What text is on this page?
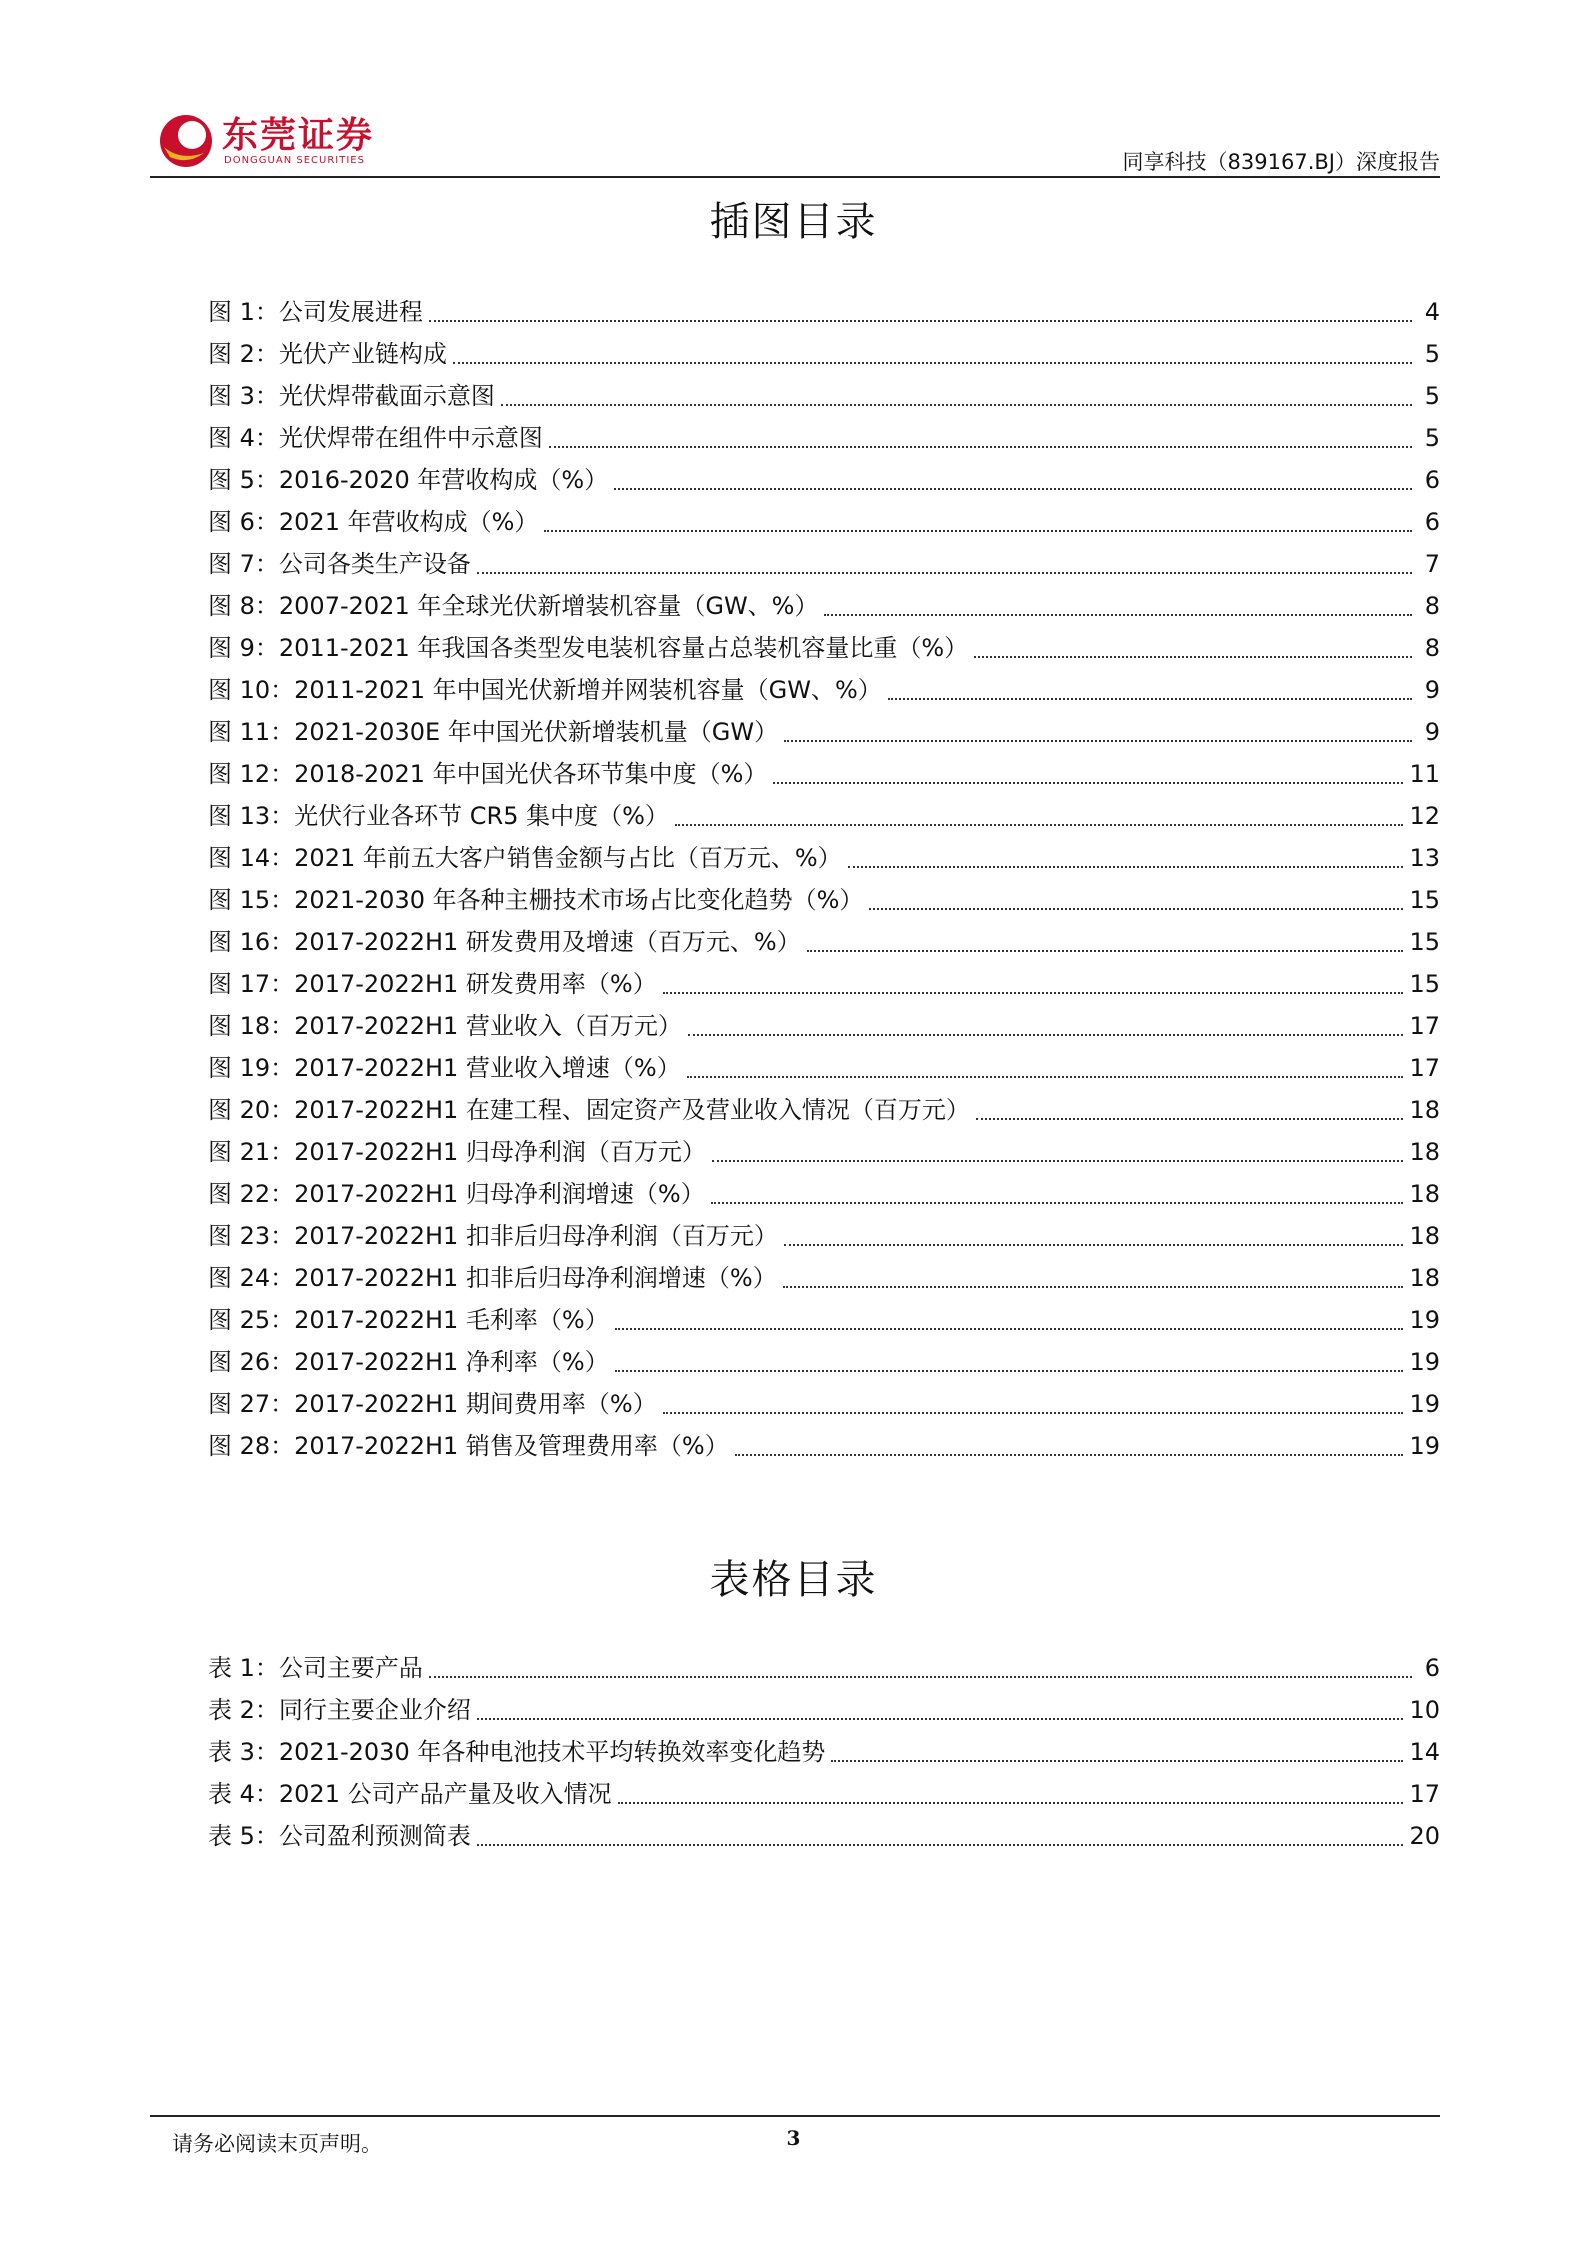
东莞证券
DONGGUAN SECURITIES	同享科技（839167.BJ）深度报告
插图目录
图 1：公司发展进程	4
图 2：光伏产业链构成	5
图 3：光伏焊带截面示意图	5
图 4：光伏焊带在组件中示意图	5
图 5：2016-2020 年营收构成（%）	6
图 6：2021 年营收构成（%）	6
图 7：公司各类生产设备	7
图 8：2007-2021 年全球光伏新增装机容量（GW、%）	8
图 9：2011-2021 年我国各类型发电装机容量占总装机容量比重（%）	8
图 10：2011-2021 年中国光伏新增并网装机容量（GW、%）	9
图 11：2021-2030E 年中国光伏新增装机量（GW）	9
图 12：2018-2021 年中国光伏各环节集中度（%）	11
图 13：光伏行业各环节 CR5 集中度（%）	12
图 14：2021 年前五大客户销售金额与占比（百万元、%）	13
图 15：2021-2030 年各种主栅技术市场占比变化趋势（%）	15
图 16：2017-2022H1 研发费用及增速（百万元、%）	15
图 17：2017-2022H1 研发费用率（%）	15
图 18：2017-2022H1 营业收入（百万元）	17
图 19：2017-2022H1 营业收入增速（%）	17
图 20：2017-2022H1 在建工程、固定资产及营业收入情况（百万元）	18
图 21：2017-2022H1 归母净利润（百万元）	18
图 22：2017-2022H1 归母净利润增速（%）	18
图 23：2017-2022H1 扣非后归母净利润（百万元）	18
图 24：2017-2022H1 扣非后归母净利润增速（%）	18
图 25：2017-2022H1 毛利率（%）	19
图 26：2017-2022H1 净利率（%）	19
图 27：2017-2022H1 期间费用率（%）	19
图 28：2017-2022H1 销售及管理费用率（%）	19
表格目录
表 1：公司主要产品	6
表 2：同行主要企业介绍	10
表 3：2021-2030 年各种电池技术平均转换效率变化趋势	14
表 4：2021 公司产品产量及收入情况	17
表 5：公司盈利预测简表	20
请务必阅读末页声明。	3
